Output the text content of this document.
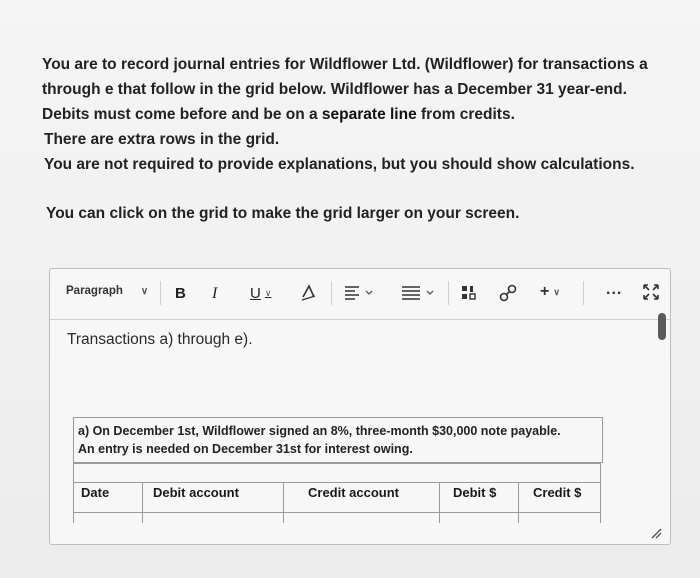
You are to record journal entries for Wildflower Ltd. (Wildflower) for transactions a
through e that follow in the grid below. Wildflower has a December 31 year-end.
Debits must come before and be on a separate line from credits.
There are extra rows in the grid.
You are not required to provide explanations, but you should show calculations.
You can click on the grid to make the grid larger on your screen.
Paragraph ∨ B I U ∨	+ ∨	...
Transactions a) through e).
a) On December 1st, Wildflower signed an 8%, three-month $30,000 note payable.
An entry is needed on December 31st for interest owing.
Date	Debit account	Credit account	Debit $	Credit $
